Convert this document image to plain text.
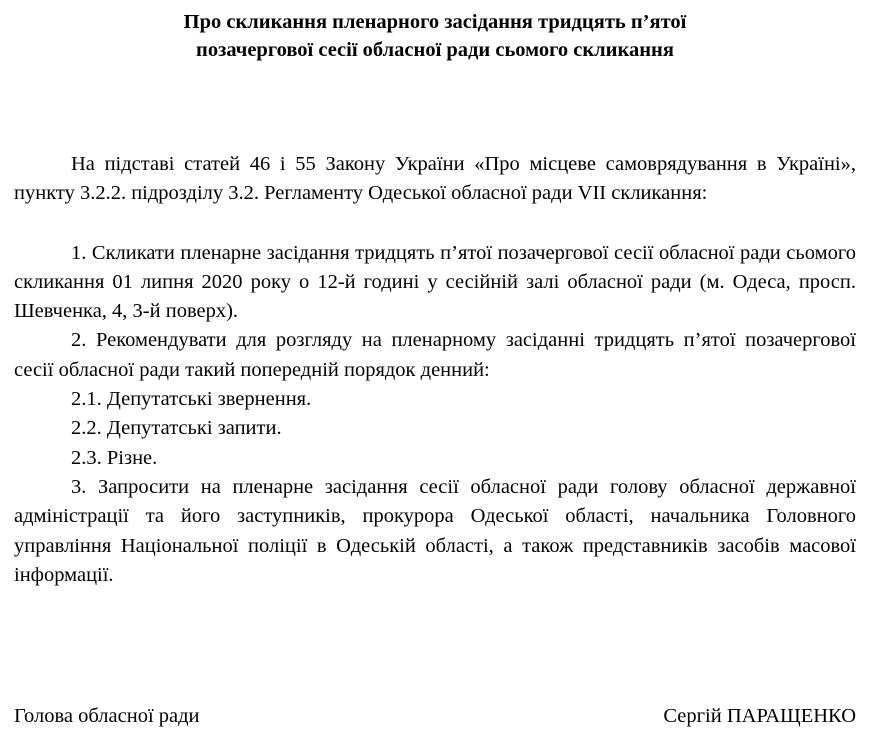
Про скликання пленарного засідання тридцять п’ятої
позачергової сесії обласної ради сьомого скликання

На підставі статей 46 і 55 Закону України «Про місцеве самоврядування в Україні», пункту 3.2.2. підрозділу 3.2. Регламенту Одеської обласної ради VII скликання:

1. Скликати пленарне засідання тридцять п’ятої позачергової сесії обласної ради сьомого скликання 01 липня 2020 року о 12-й годині у сесійній залі обласної ради (м. Одеса, просп. Шевченка, 4, 3-й поверх).

2. Рекомендувати для розгляду на пленарному засіданні тридцять п’ятої позачергової сесії обласної ради такий попередній порядок денний:

2.1. Депутатські звернення.

2.2. Депутатські запити.

2.3. Різне.

3. Запросити на пленарне засідання сесії обласної ради голову обласної державної адміністрації та його заступників, прокурора Одеської області, начальника Головного управління Національної поліції в Одеській області, а також представників засобів масової інформації.

Голова обласної ради	Сергій ПАРАЩЕНКО
